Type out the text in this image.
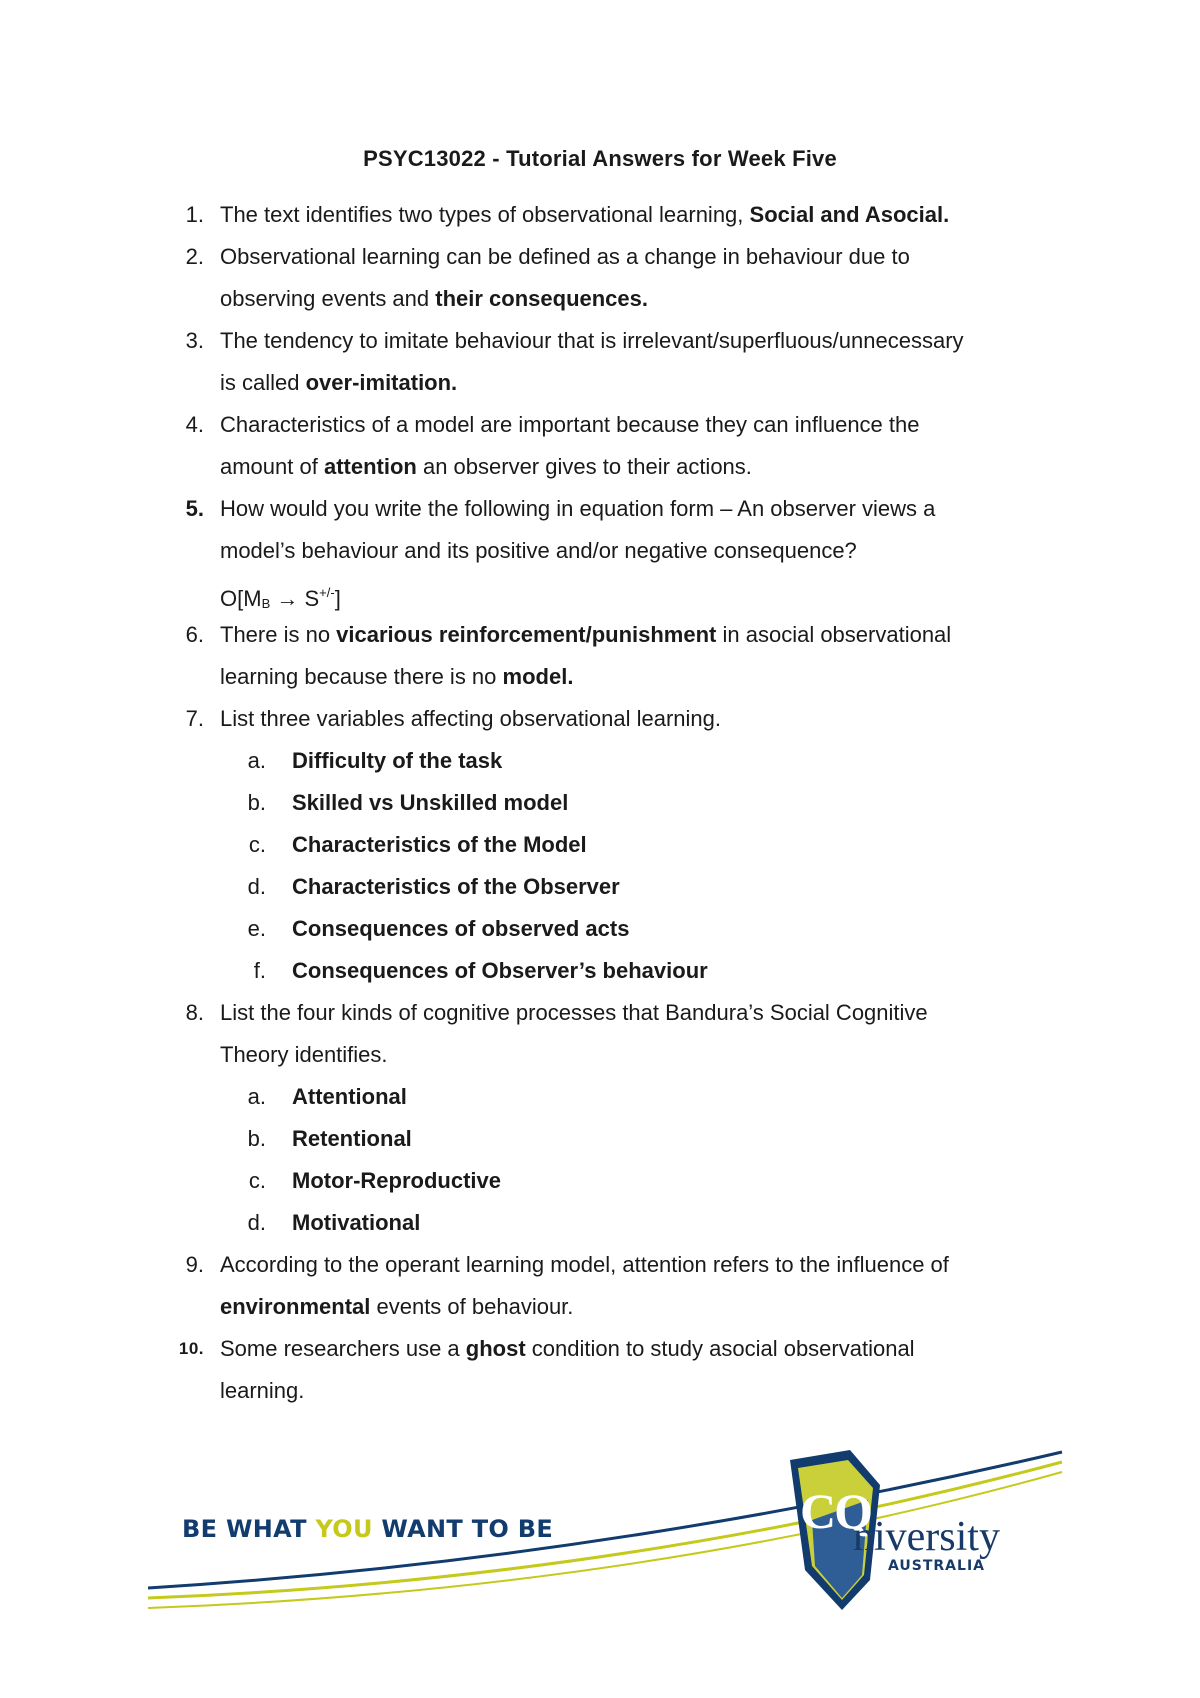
PSYC13022 - Tutorial Answers for Week Five
1. The text identifies two types of observational learning, Social and Asocial.
2. Observational learning can be defined as a change in behaviour due to
observing events and their consequences.
3. The tendency to imitate behaviour that is irrelevant/superfluous/unnecessary
is called over-imitation.
4. Characteristics of a model are important because they can influence the
amount of attention an observer gives to their actions.
5. How would you write the following in equation form – An observer views a
model’s behaviour and its positive and/or negative consequence?
$O[M_B \to S^{+/-}]$
6. There is no vicarious reinforcement/punishment in asocial observational
learning because there is no model.
7. List three variables affecting observational learning.
a. Difficulty of the task
b. Skilled vs Unskilled model
c. Characteristics of the Model
d. Characteristics of the Observer
e. Consequences of observed acts
f. Consequences of Observer’s behaviour
8. List the four kinds of cognitive processes that Bandura’s Social Cognitive
Theory identifies.
a. Attentional
b. Retentional
c. Motor-Reproductive
d. Motivational
9. According to the operant learning model, attention refers to the influence of
environmental events of behaviour.
10. Some researchers use a ghost condition to study asocial observational
learning.
BE WHAT YOU WANT TO BE	CQ
niversity
AUSTRALIA
